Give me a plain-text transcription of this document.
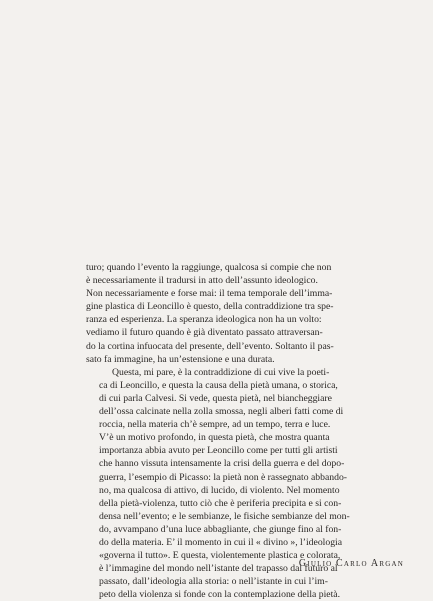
turo; quando l’evento la raggiunge, qualcosa si compie che non
è necessariamente il tradursi in atto dell’assunto ideologico.
Non necessariamente e forse mai: il tema temporale dell’imma-
gine plastica di Leoncillo è questo, della contraddizione tra spe-
ranza ed esperienza. La speranza ideologica non ha un volto:
vediamo il futuro quando è già diventato passato attraversan-
do la cortina infuocata del presente, dell’evento. Soltanto il pas-
sato fa immagine, ha un’estensione e una durata.

Questa, mi pare, è la contraddizione di cui vive la poeti-
ca di Leoncillo, e questa la causa della pietà umana, o storica,
di cui parla Calvesi. Si vede, questa pietà, nel biancheggiare
dell’ossa calcinate nella zolla smossa, negli alberi fatti come di
roccia, nella materia ch’è sempre, ad un tempo, terra e luce.
V’è un motivo profondo, in questa pietà, che mostra quanta
importanza abbia avuto per Leoncillo come per tutti gli artisti
che hanno vissuta intensamente la crisi della guerra e del dopo-
guerra, l’esempio di Picasso: la pietà non è rassegnato abbando-
no, ma qualcosa di attivo, di lucido, di violento. Nel momento
della pietà-violenza, tutto ciò che è periferia precipita e si con-
densa nell’evento; e le sembianze, le fisiche sembianze del mon-
do, avvampano d’una luce abbagliante, che giunge fino al fon-
do della materia. E’ il momento in cui il « divino », l’ideologia
«governa il tutto». E questa, violentemente plastica e colorata,
è l’immagine del mondo nell’istante del trapasso dal futuro al
passato, dall’ideologia alla storia: o nell’istante in cui l’im-
peto della violenza si fonde con la contemplazione della pietà.

Giulio Carlo Argan
